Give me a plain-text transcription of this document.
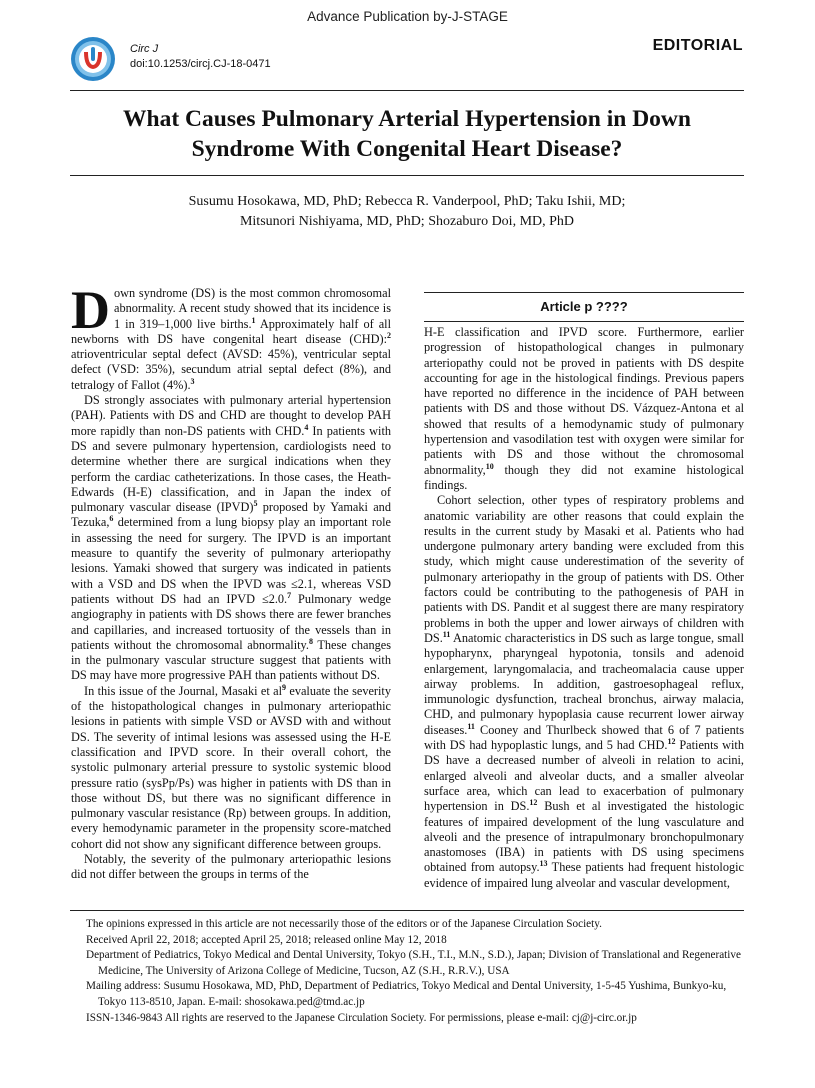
Advance Publication by-J-STAGE
Circ J
doi:10.1253/circj.CJ-18-0471
EDITORIAL
What Causes Pulmonary Arterial Hypertension in Down
Syndrome With Congenital Heart Disease?
Susumu Hosokawa, MD, PhD; Rebecca R. Vanderpool, PhD; Taku Ishii, MD;
Mitsunori Nishiyama, MD, PhD; Shozaburo Doi, MD, PhD

Down syndrome (DS) is the most common chromosomal abnormality. A recent study showed that its incidence is 1 in 319–1,000 live births.$^1$ Approximately half of all newborns with DS have congenital heart disease (CHD):$^2$ atrioventricular septal defect (AVSD: 45%), ventricular septal defect (VSD: 35%), secundum atrial septal defect (8%), and tetralogy of Fallot (4%).$^3$

DS strongly associates with pulmonary arterial hypertension (PAH). Patients with DS and CHD are thought to develop PAH more rapidly than non-DS patients with CHD.$^4$ In patients with DS and severe pulmonary hypertension, cardiologists need to determine whether there are surgical indications when they perform the cardiac catheterizations. In those cases, the Heath-Edwards (H-E) classification, and in Japan the index of pulmonary vascular disease (IPVD)$^5$ proposed by Yamaki and Tezuka,$^6$ determined from a lung biopsy play an important role in assessing the need for surgery. The IPVD is an important measure to quantify the severity of pulmonary arteriopathy lesions. Yamaki showed that surgery was indicated in patients with a VSD and DS when the IPVD was ≤2.1, whereas VSD patients without DS had an IPVD ≤2.0.$^7$ Pulmonary wedge angiography in patients with DS shows there are fewer branches and capillaries, and increased tortuosity of the vessels than in patients without the chromosomal abnormality.$^8$ These changes in the pulmonary vascular structure suggest that patients with DS may have more progressive PAH than patients without DS.

In this issue of the Journal, Masaki et $al^9$ evaluate the severity of the histopathological changes in pulmonary arteriopathic lesions in patients with simple VSD or AVSD with and without DS. The severity of intimal lesions was assessed using the H-E classification and IPVD score. In their overall cohort, the systolic pulmonary arterial pressure to systolic systemic blood pressure ratio (sysPp/Ps) was higher in patients with DS than in those without DS, but there was no significant difference in pulmonary vascular resistance (Rp) between groups. In addition, every hemodynamic parameter in the propensity score-matched cohort did not show any significant difference between groups.

Notably, the severity of the pulmonary arteriopathic lesions did not differ between the groups in terms of the

Article p ????

H-E classification and IPVD score. Furthermore, earlier progression of histopathological changes in pulmonary arteriopathy could not be proved in patients with DS despite accounting for age in the histological findings. Previous papers have reported no difference in the incidence of PAH between patients with DS and those without DS. Vázquez-Antona et al showed that results of a hemodynamic study of pulmonary hypertension and vasodilation test with oxygen were similar for patients with DS and those without the chromosomal abnormality,$^{10}$ though they did not examine histological findings.

Cohort selection, other types of respiratory problems and anatomic variability are other reasons that could explain the results in the current study by Masaki et al. Patients who had undergone pulmonary artery banding were excluded from this study, which might cause underestimation of the severity of pulmonary arteriopathy in the group of patients with DS. Other factors could be contributing to the pathogenesis of PAH in patients with DS. Pandit et al suggest there are many respiratory problems in both the upper and lower airways of children with DS.$^{11}$ Anatomic characteristics in DS such as large tongue, small hypopharynx, pharyngeal hypotonia, tonsils and adenoid enlargement, laryngomalacia, and tracheomalacia cause upper airway problems. In addition, gastroesophageal reflux, immunologic dysfunction, tracheal bronchus, airway malacia, CHD, and pulmonary hypoplasia cause recurrent lower airway diseases.$^{11}$ Cooney and Thurlbeck showed that 6 of 7 patients with DS had hypoplastic lungs, and 5 had CHD.$^{12}$ Patients with DS have a decreased number of alveoli in relation to acini, enlarged alveoli and alveolar ducts, and a smaller alveolar surface area, which can lead to exacerbation of pulmonary hypertension in DS.$^{12}$ Bush et al investigated the histologic features of impaired development of the lung vasculature and alveoli and the presence of intrapulmonary bronchopulmonary anastomoses (IBA) in patients with DS using specimens obtained from autopsy.$^{13}$ These patients had frequent histologic evidence of impaired lung alveolar and vascular development,

The opinions expressed in this article are not necessarily those of the editors or of the Japanese Circulation Society.
Received April 22, 2018; accepted April 25, 2018; released online May 12, 2018
Department of Pediatrics, Tokyo Medical and Dental University, Tokyo (S.H., T.I., M.N., S.D.), Japan; Division of Translational and Regenerative Medicine, The University of Arizona College of Medicine, Tucson, AZ (S.H., R.R.V.), USA
Mailing address: Susumu Hosokawa, MD, PhD, Department of Pediatrics, Tokyo Medical and Dental University, 1-5-45 Yushima, Bunkyo-ku, Tokyo 113-8510, Japan. E-mail: shosokawa.ped@tmd.ac.jp
ISSN-1346-9843 All rights are reserved to the Japanese Circulation Society. For permissions, please e-mail: cj@j-circ.or.jp
